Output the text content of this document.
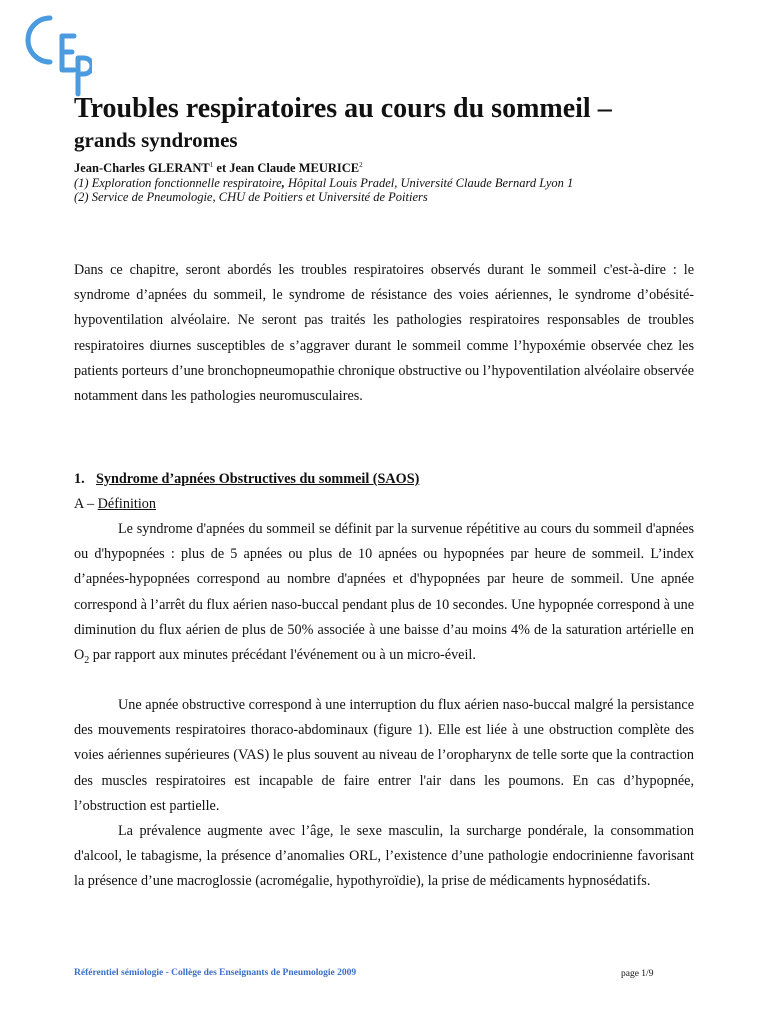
Troubles respiratoires au cours du sommeil –
grands syndromes
Jean-Charles GLERANT$^1$ et Jean Claude MEURICE$^2$
(1) Exploration fonctionnelle respiratoire, Hôpital Louis Pradel, Université Claude Bernard Lyon 1
(2) Service de Pneumologie, CHU de Poitiers et Université de Poitiers

Dans ce chapitre, seront abordés les troubles respiratoires observés durant le sommeil c'est-à-dire : le syndrome d’apnées du sommeil, le syndrome de résistance des voies aériennes, le syndrome d’obésité-hypoventilation alvéolaire. Ne seront pas traités les pathologies respiratoires responsables de troubles respiratoires diurnes susceptibles de s’aggraver durant le sommeil comme l’hypoxémie observée chez les patients porteurs d’une bronchopneumopathie chronique obstructive ou l’hypoventilation alvéolaire observée notamment dans les pathologies neuromusculaires.

1. Syndrome d’apnées Obstructives du sommeil (SAOS)
A – Définition

Le syndrome d'apnées du sommeil se définit par la survenue répétitive au cours du sommeil d'apnées ou d'hypopnées : plus de 5 apnées ou plus de 10 apnées ou hypopnées par heure de sommeil. L’index d’apnées-hypopnées correspond au nombre d'apnées et d'hypopnées par heure de sommeil. Une apnée correspond à l’arrêt du flux aérien naso-buccal pendant plus de 10 secondes. Une hypopnée correspond à une diminution du flux aérien de plus de 50% associée à une baisse d’au moins 4% de la saturation artérielle en $O_2$ par rapport aux minutes précédant l'événement ou à un micro-éveil.

Une apnée obstructive correspond à une interruption du flux aérien naso-buccal malgré la persistance des mouvements respiratoires thoraco-abdominaux (figure 1). Elle est liée à une obstruction complète des voies aériennes supérieures (VAS) le plus souvent au niveau de l’oropharynx de telle sorte que la contraction des muscles respiratoires est incapable de faire entrer l'air dans les poumons. En cas d’hypopnée, l’obstruction est partielle.

La prévalence augmente avec l’âge, le sexe masculin, la surcharge pondérale, la consommation d'alcool, le tabagisme, la présence d’anomalies ORL, l’existence d’une pathologie endocrinienne favorisant la présence d’une macroglossie (acromégalie, hypothyroïdie), la prise de médicaments hypnosédatifs.

Référentiel sémiologie - Collège des Enseignants de Pneumologie 2009	page 1/9
